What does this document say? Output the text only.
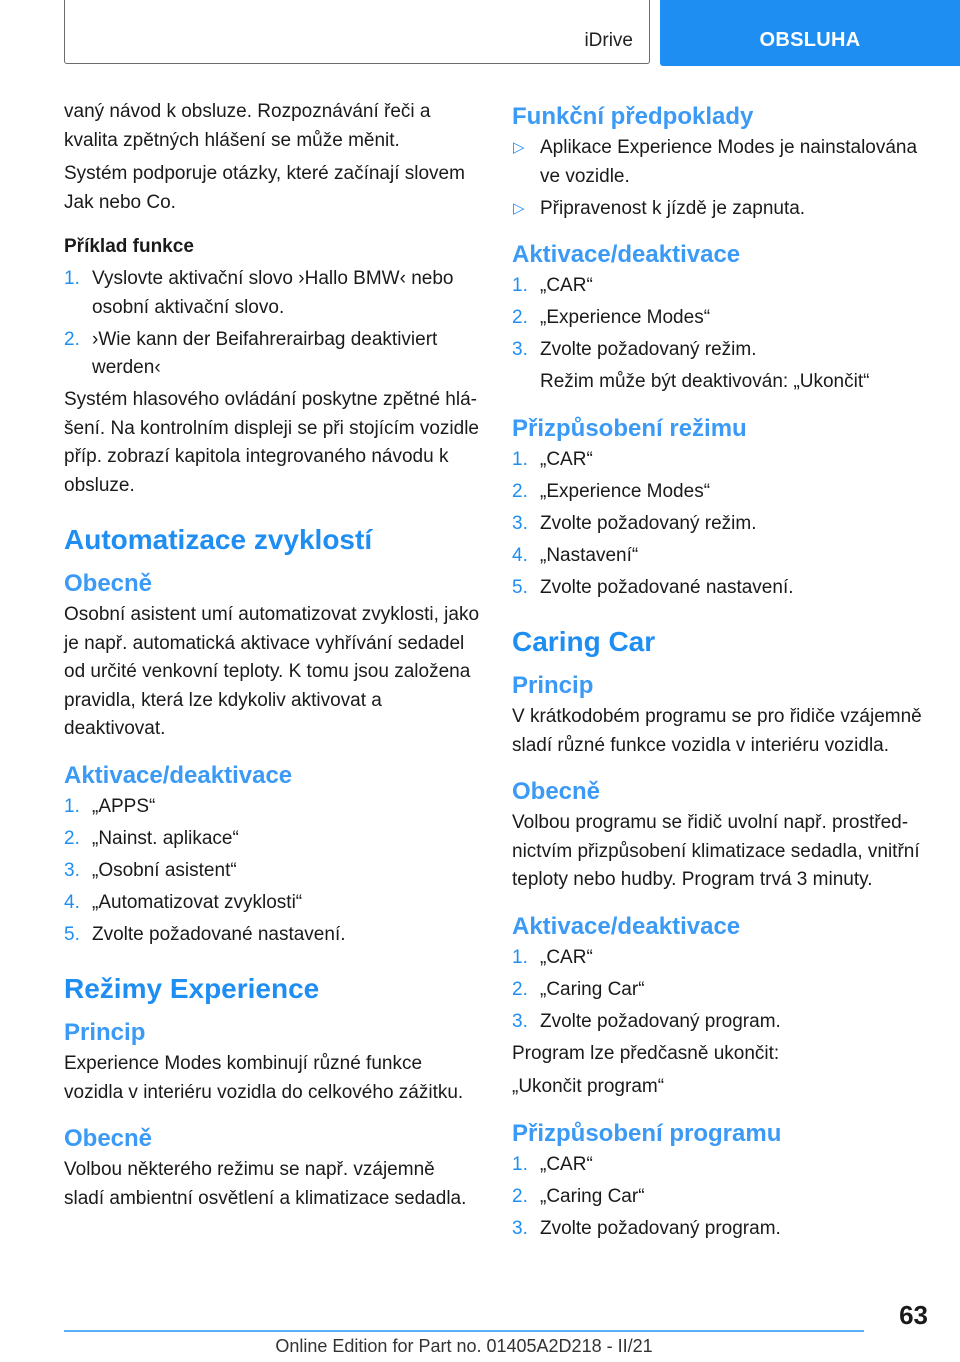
iDrive	OBSLUHA

vaný návod k obsluze. Rozpoznávání řeči a kvalita zpětných hlášení se může měnit.

Systém podporuje otázky, které začínají slovem Jak nebo Co.

Příklad funkce
1. Vyslovte aktivační slovo ›Hallo BMW‹ nebo osobní aktivační slovo.
2. ›Wie kann der Beifahrerairbag deaktiviert werden‹

Systém hlasového ovládání poskytne zpětné hlášení. Na kontrolním displeji se při stojícím vozidle příp. zobrazí kapitola integrovaného návodu k obsluze.

Automatizace zvyklostí
Obecně

Osobní asistent umí automatizovat zvyklosti, jako je např. automatická aktivace vyhřívání sedadel od určité venkovní teploty. K tomu jsou založena pravidla, která lze kdykoliv aktivovat a deaktivovat.

Aktivace/deaktivace
1. „APPS“
2. „Nainst. aplikace“
3. „Osobní asistent“
4. „Automatizovat zvyklosti“
5. Zvolte požadované nastavení.
Režimy Experience
Princip

Experience Modes kombinují různé funkce vozidla v interiéru vozidla do celkového zážitku.

Obecně

Volbou některého režimu se např. vzájemně sladí ambientní osvětlení a klimatizace sedadla.

Funkční předpoklady
▷ Aplikace Experience Modes je nainstalována ve vozidle.
▷ Připravenost k jízdě je zapnuta.
Aktivace/deaktivace
1. „CAR“
2. „Experience Modes“
3. Zvolte požadovaný režim.
Režim může být deaktivován: „Ukončit“
Přizpůsobení režimu
1. „CAR“
2. „Experience Modes“
3. Zvolte požadovaný režim.
4. „Nastavení“
5. Zvolte požadované nastavení.
Caring Car
Princip

V krátkodobém programu se pro řidiče vzájemně sladí různé funkce vozidla v interiéru vozidla.

Obecně

Volbou programu se řidič uvolní např. prostřednictvím přizpůsobení klimatizace sedadla, vnitřní teploty nebo hudby. Program trvá 3 minuty.

Aktivace/deaktivace
1. „CAR“
2. „Caring Car“
3. Zvolte požadovaný program.

Program lze předčasně ukončit:

„Ukončit program“

Přizpůsobení programu
1. „CAR“
2. „Caring Car“
3. Zvolte požadovaný program.
63
Online Edition for Part no. 01405A2D218 - II/21
